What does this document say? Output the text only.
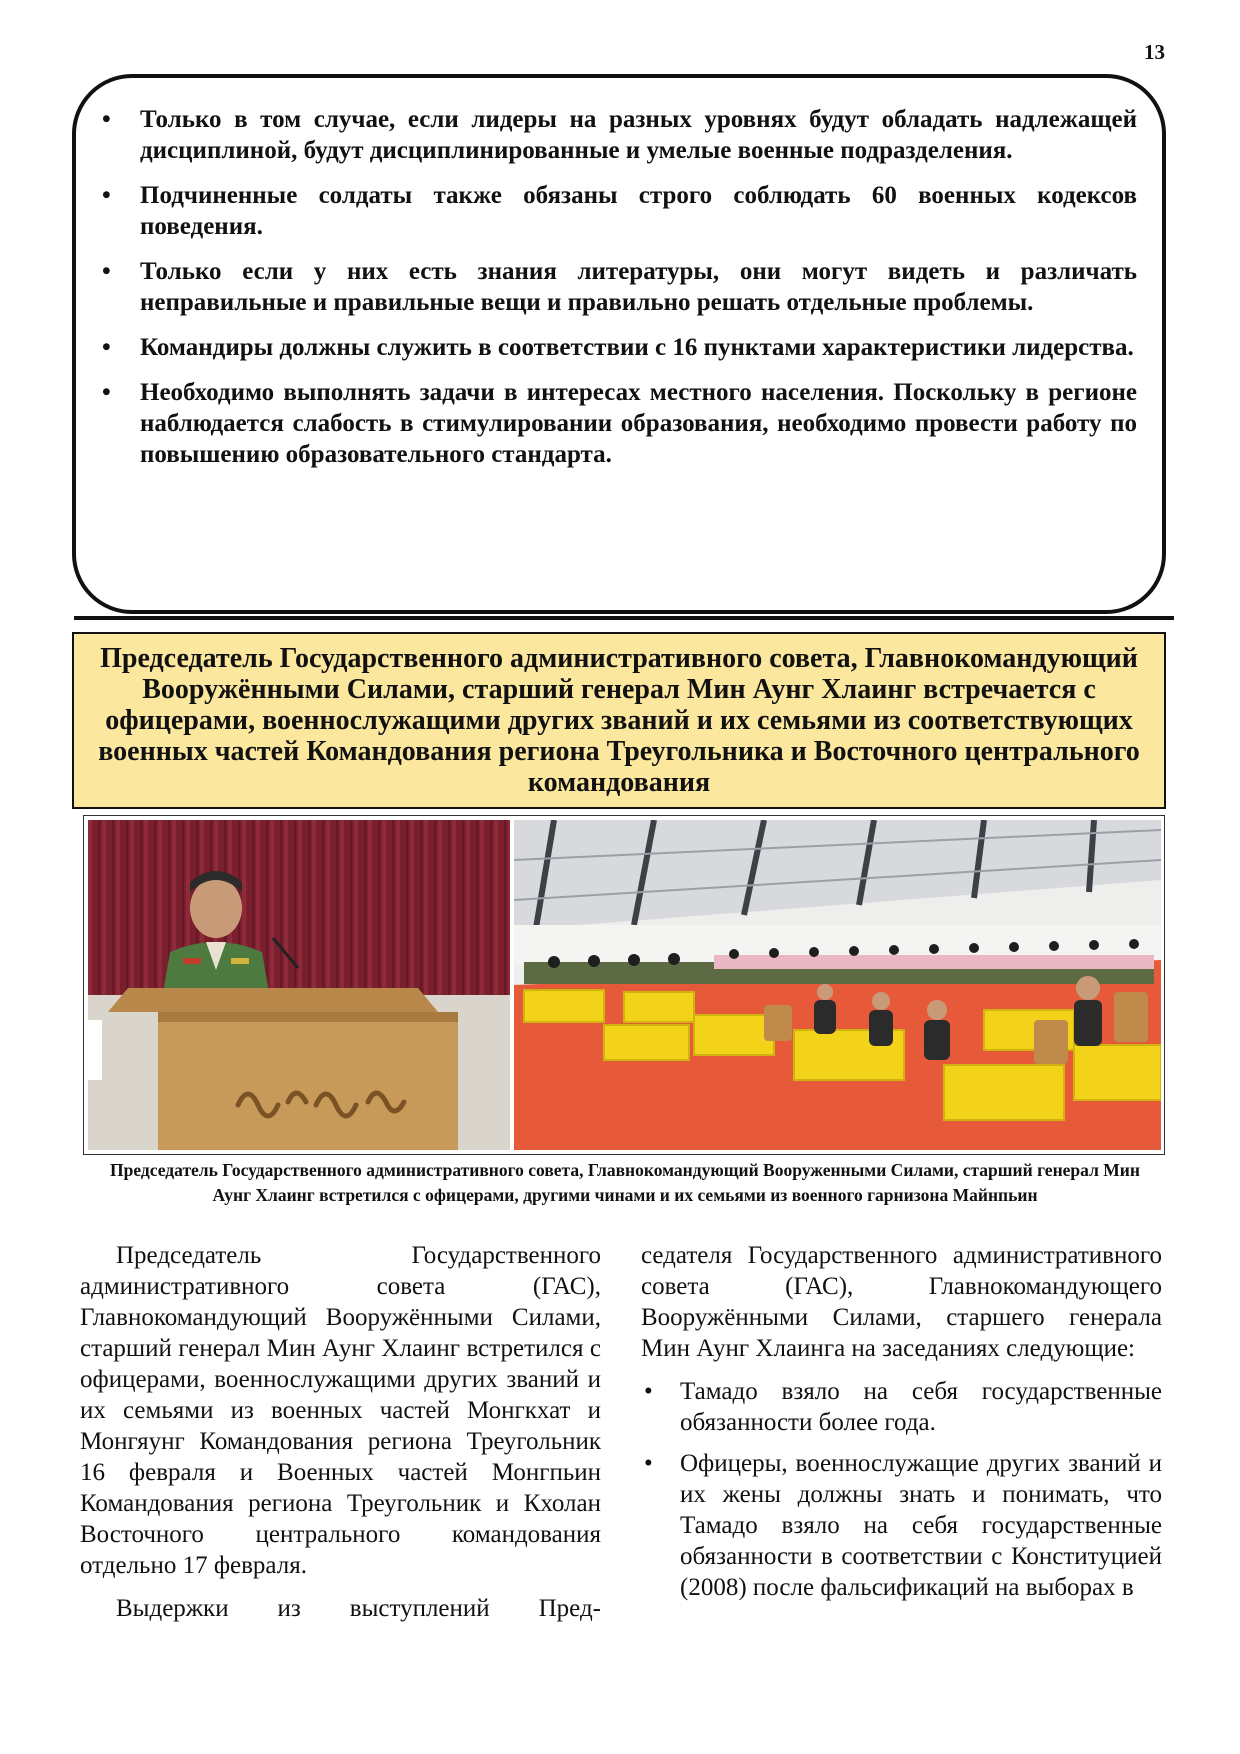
13
• Только в том случае, если лидеры на разных уровнях будут обладать надлежащей дисциплиной, будут дисциплинированные и умелые военные подразделения.
• Подчиненные солдаты также обязаны строго соблюдать 60 военных кодексов поведения.
• Только если у них есть знания литературы, они могут видеть и различать неправильные и правильные вещи и правильно решать отдельные проблемы.
• Командиры должны служить в соответствии с 16 пунктами характеристики лидерства.
• Необходимо выполнять задачи в интересах местного населения. Поскольку в регионе наблюдается слабость в стимулировании образования, необходимо провести работу по повышению образовательного стандарта.
Председатель Государственного административного совета, Главнокомандующий Вооружёнными Силами, старший генерал Мин Аунг Хлаинг встречается с офицерами, военнослужащими других званий и их семьями из соответствующих военных частей Командования региона Треугольника и Восточного центрального командования

Председатель Государственного административного совета, Главнокомандующий Вооруженными Силами, старший генерал Мин Аунг Хлаинг встретился с офицерами, другими чинами и их семьями из военного гарнизона Майнпьин

Председатель Государственного административного совета (ГАС), Главнокомандующий Вооружёнными Силами, старший генерал Мин Аунг Хлаинг встретился с офицерами, военнослужащими других званий и их семьями из военных частей Монгкхат и Монгяунг Командования региона Треугольник 16 февраля и Военных частей Монгпьин Командования региона Треугольник и Кхолан Восточного центрального командования отдельно 17 февраля.

Выдержки из выступлений Пред-

седателя Государственного административного совета (ГАС), Главнокомандующего Вооружёнными Силами, старшего генерала Мин Аунг Хлаинга на заседаниях следующие:

• Тамадо взяло на себя государственные обязанности более года.
• Офицеры, военнослужащие других званий и их жены должны знать и понимать, что Тамадо взяло на себя государственные обязанности в соответствии с Конституцией (2008) после фальсификаций на выборах в
